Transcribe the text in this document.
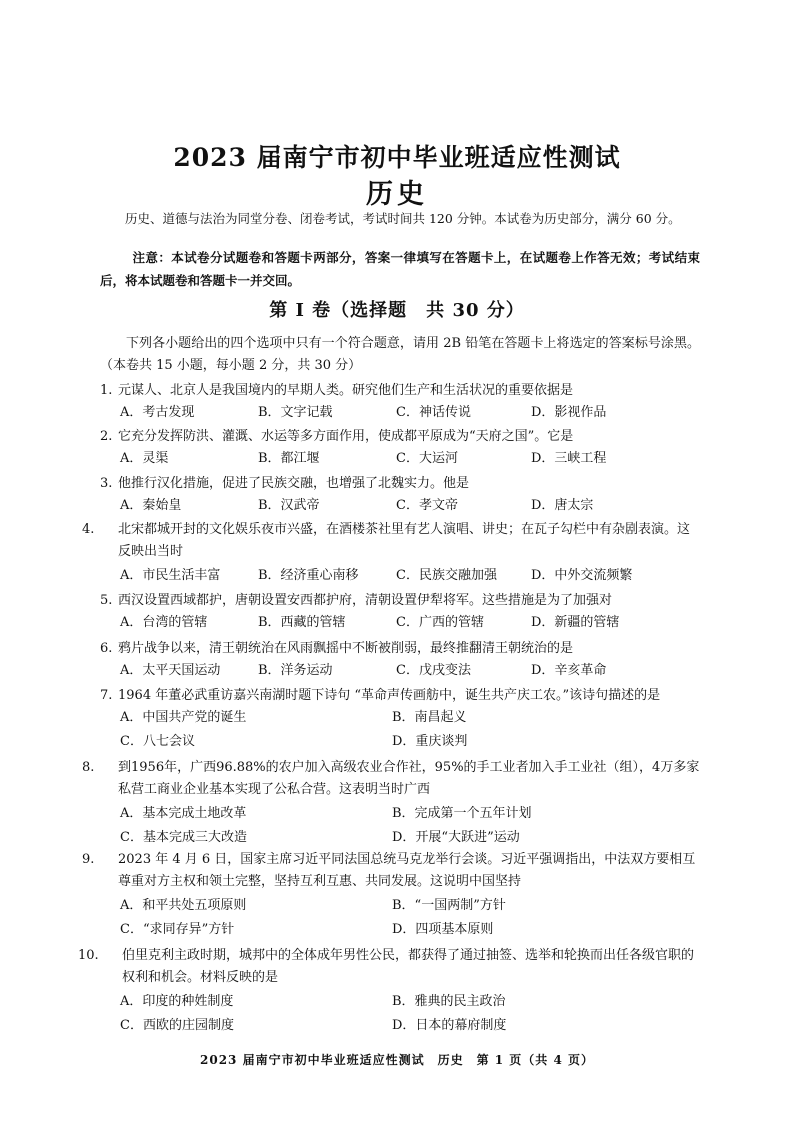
2023 届南宁市初中毕业班适应性测试
历史
历史、道德与法治为同堂分卷、闭卷考试，考试时间共 120 分钟。本试卷为历史部分，满分 60 分。
注意：本试卷分试题卷和答题卡两部分，答案一律填写在答题卡上，在试题卷上作答无效；考试结束后，将本试题卷和答题卡一并交回。
第 I 卷（选择题　共 30 分）
下列各小题给出的四个选项中只有一个符合题意，请用 2B 铅笔在答题卡上将选定的答案标号涂黑。（本卷共 15 小题，每小题 2 分，共 30 分）
1. 元谋人、北京人是我国境内的早期人类。研究他们生产和生活状况的重要依据是
A．考古发现	B．文字记载	C．神话传说	D．影视作品
2. 它充分发挥防洪、灌溉、水运等多方面作用，使成都平原成为“天府之国”。它是
A．灵渠	B．都江堰	C．大运河	D．三峡工程
3. 他推行汉化措施，促进了民族交融，也增强了北魏实力。他是
A．秦始皇	B．汉武帝	C．孝文帝	D．唐太宗
4. 北宋都城开封的文化娱乐夜市兴盛，在酒楼茶社里有艺人演唱、讲史；在瓦子勾栏中有杂剧表演。这反映出当时
A．市民生活丰富	B．经济重心南移	C．民族交融加强	D．中外交流频繁
5. 西汉设置西域都护，唐朝设置安西都护府，清朝设置伊犁将军。这些措施是为了加强对
A．台湾的管辖	B．西藏的管辖	C．广西的管辖	D．新疆的管辖
6. 鸦片战争以来，清王朝统治在风雨飘摇中不断被削弱，最终推翻清王朝统治的是
A．太平天国运动	B．洋务运动	C．戊戌变法	D．辛亥革命
7. 1964 年董必武重访嘉兴南湖时题下诗句 “革命声传画舫中，诞生共产庆工农。”该诗句描述的是
A．中国共产党的诞生	B．南昌起义
C．八七会议	D．重庆谈判
8. 到1956年，广西96.88%的农户加入高级农业合作社，95%的手工业者加入手工业社（组），4万多家私营工商业企业基本实现了公私合营。这表明当时广西
A．基本完成土地改革	B．完成第一个五年计划
C．基本完成三大改造	D．开展“大跃进”运动
9. 2023 年 4 月 6 日，国家主席习近平同法国总统马克龙举行会谈。习近平强调指出，中法双方要相互尊重对方主权和领土完整，坚持互利互惠、共同发展。这说明中国坚持
A．和平共处五项原则	B．“一国两制”方针
C．“求同存异”方针	D．四项基本原则
10. 伯里克利主政时期，城邦中的全体成年男性公民，都获得了通过抽签、选举和轮换而出任各级官职的权利和机会。材料反映的是
A．印度的种姓制度	B．雅典的民主政治
C．西欧的庄园制度	D．日本的幕府制度
2023 届南宁市初中毕业班适应性测试　历史　第 1 页（共 4 页）
